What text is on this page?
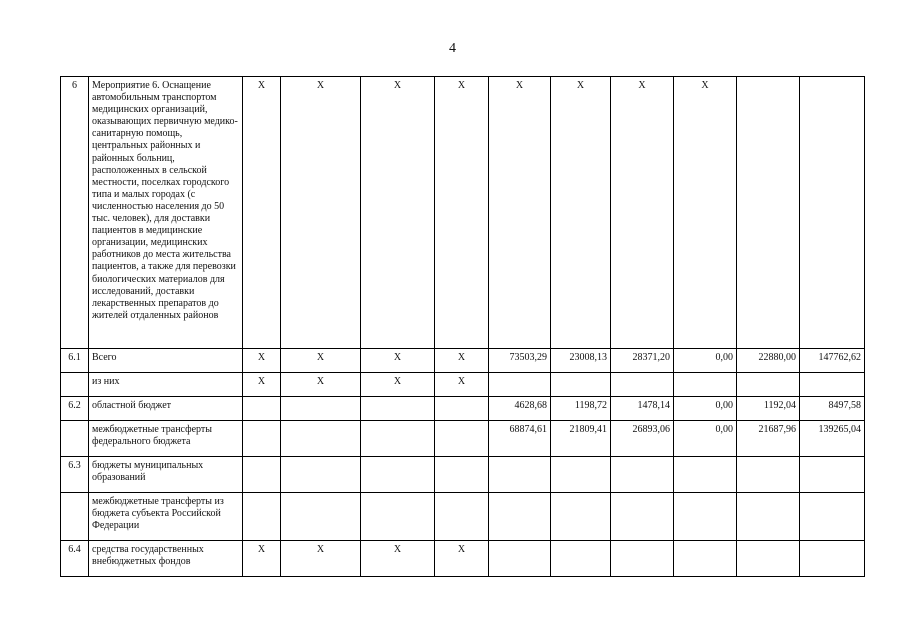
4
6	Мероприятие 6. Оснащение автомобильным транспортом медицинских организаций, оказывающих первичную медико-санитарную помощь, центральных районных и районных больниц, расположенных в сельской местности, поселках городского типа и малых городах (с численностью населения до 50 тыс. человек), для доставки пациентов в медицинские организации, медицинских работников до места жительства пациентов, а также для перевозки биологических материалов для исследований, доставки лекарственных препаратов до жителей отдаленных районов	X	X	X	X	X	X	X	X		
6.1	Всего	X	X	X	X	73503,29	23008,13	28371,20	0,00	22880,00	147762,62
	из них	X	X	X	X						
6.2	областной бюджет					4628,68	1198,72	1478,14	0,00	1192,04	8497,58
	межбюджетные трансферты федерального бюджета					68874,61	21809,41	26893,06	0,00	21687,96	139265,04
6.3	бюджеты муниципальных образований										
	межбюджетные трансферты из бюджета субъекта Российской Федерации										
6.4	средства государственных внебюджетных фондов	X	X	X	X						
